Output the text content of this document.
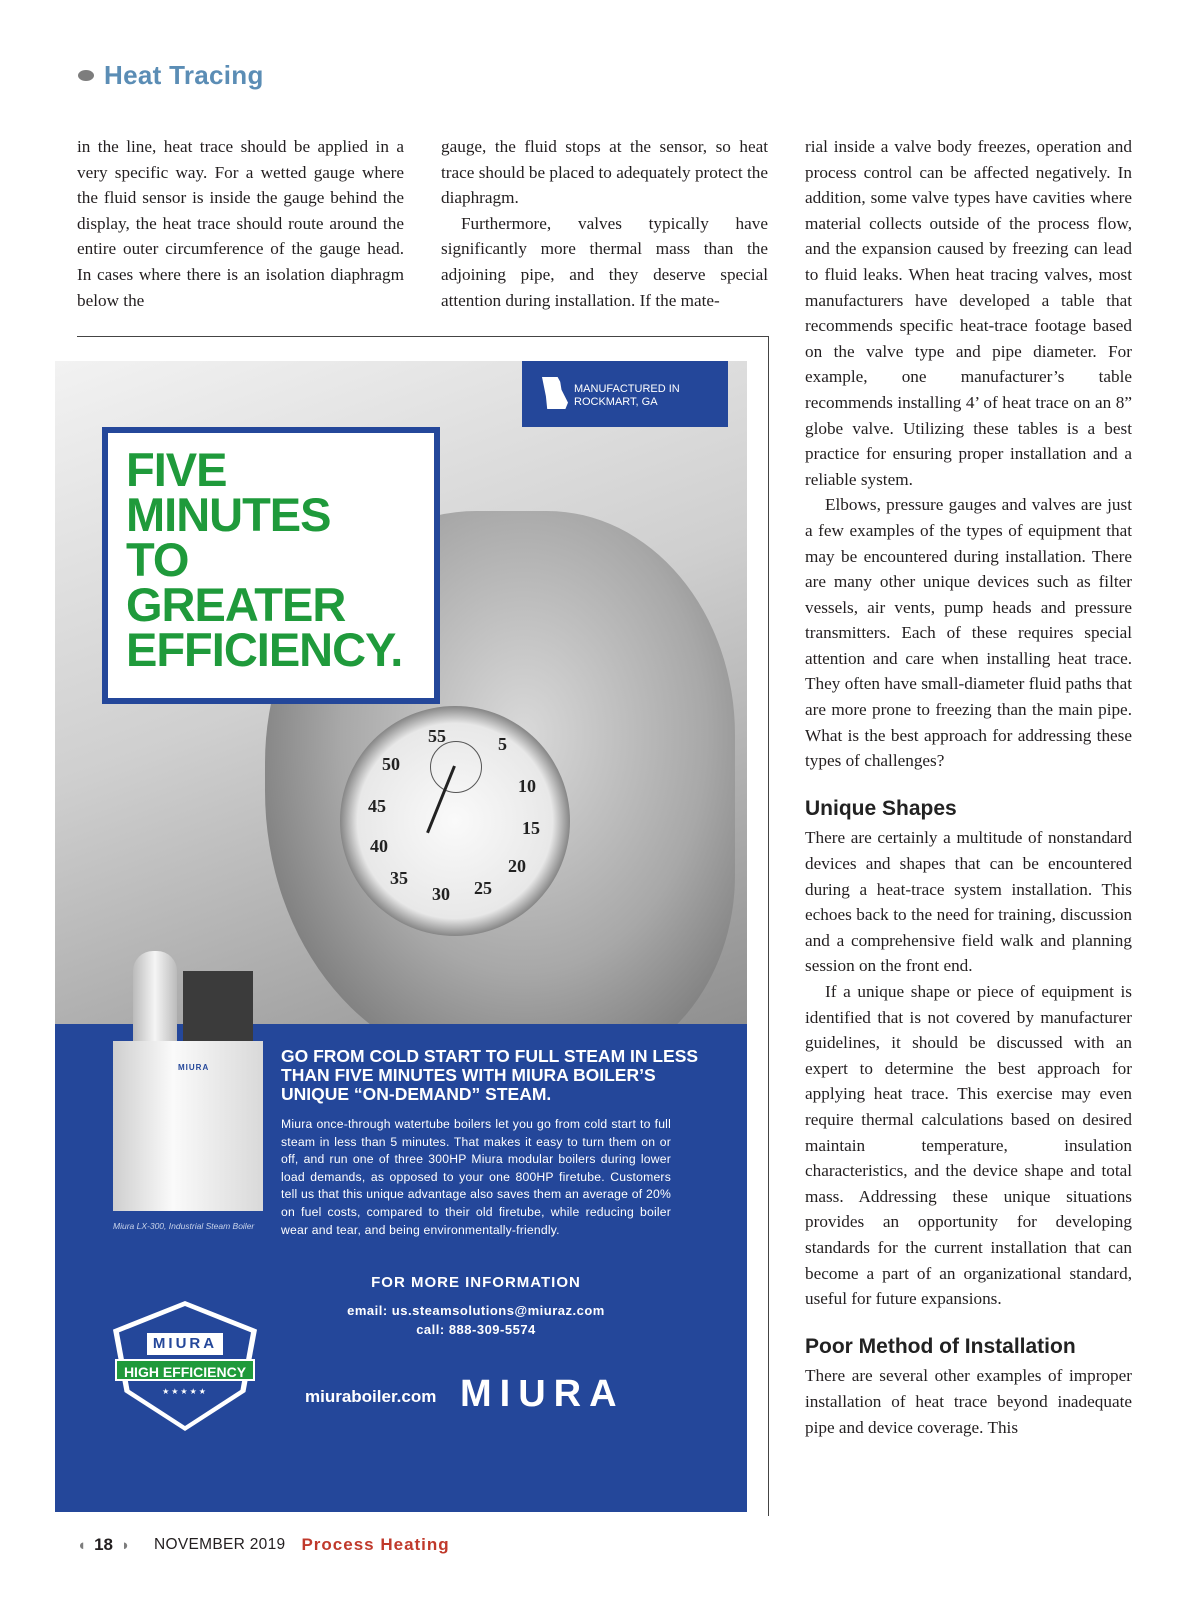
Heat Tracing

in the line, heat trace should be applied in a very specific way. For a wetted gauge where the fluid sensor is inside the gauge behind the display, the heat trace should route around the entire outer circumference of the gauge head. In cases where there is an isolation diaphragm below the

gauge, the fluid stops at the sensor, so heat trace should be placed to adequately protect the diaphragm.

Furthermore, valves typically have significantly more thermal mass than the adjoining pipe, and they deserve special attention during installation. If the mate-

rial inside a valve body freezes, operation and process control can be affected negatively. In addition, some valve types have cavities where material collects outside of the process flow, and the expansion caused by freezing can lead to fluid leaks. When heat tracing valves, most manufacturers have developed a table that recommends specific heat-trace footage based on the valve type and pipe diameter. For example, one manufacturer’s table recommends installing 4’ of heat trace on an 8” globe valve. Utilizing these tables is a best practice for ensuring proper installation and a reliable system.

Elbows, pressure gauges and valves are just a few examples of the types of equipment that may be encountered during installation. There are many other unique devices such as filter vessels, air vents, pump heads and pressure transmitters. Each of these requires special attention and care when installing heat trace. They often have small-diameter fluid paths that are more prone to freezing than the main pipe. What is the best approach for addressing these types of challenges?

Unique Shapes

There are certainly a multitude of nonstandard devices and shapes that can be encountered during a heat-trace system installation. This echoes back to the need for training, discussion and a comprehensive field walk and planning session on the front end.

If a unique shape or piece of equipment is identified that is not covered by manufacturer guidelines, it should be discussed with an expert to determine the best approach for applying heat trace. This exercise may even require thermal calculations based on desired maintain temperature, insulation characteristics, and the device shape and total mass. Addressing these unique situations provides an opportunity for developing standards for the current installation that can become a part of an organizational standard, useful for future expansions.

Poor Method of Installation

There are several other examples of improper installation of heat trace beyond inadequate pipe and device coverage. This

55	5
50
10
45
15
40
20
35
30 25
MANUFACTURED IN ROCKMART, GA
FIVE
MINUTES
TO
GREATER
EFFICIENCY.
MIURA
Miura LX-300, Industrial Steam Boiler
GO FROM COLD START TO FULL STEAM IN LESS THAN FIVE MINUTES WITH MIURA BOILER’S UNIQUE “ON-DEMAND” STEAM.
Miura once-through watertube boilers let you go from cold start to full steam in less than 5 minutes. That makes it easy to turn them on or off, and run one of three 300HP Miura modular boilers during lower load demands, as opposed to your one 800HP firetube. Customers tell us that this unique advantage also saves them an average of 20% on fuel costs, compared to their old firetube, while reducing boiler wear and tear, and being environmentally-friendly.
FOR MORE INFORMATION
email: us.steamsolutions@miuraz.com
call: 888-309-5574
MIURA
HIGH EFFICIENCY
★★★★★	miuraboiler.com MIURA
◖ 18 ◗ NOVEMBER 2019 Process Heating
